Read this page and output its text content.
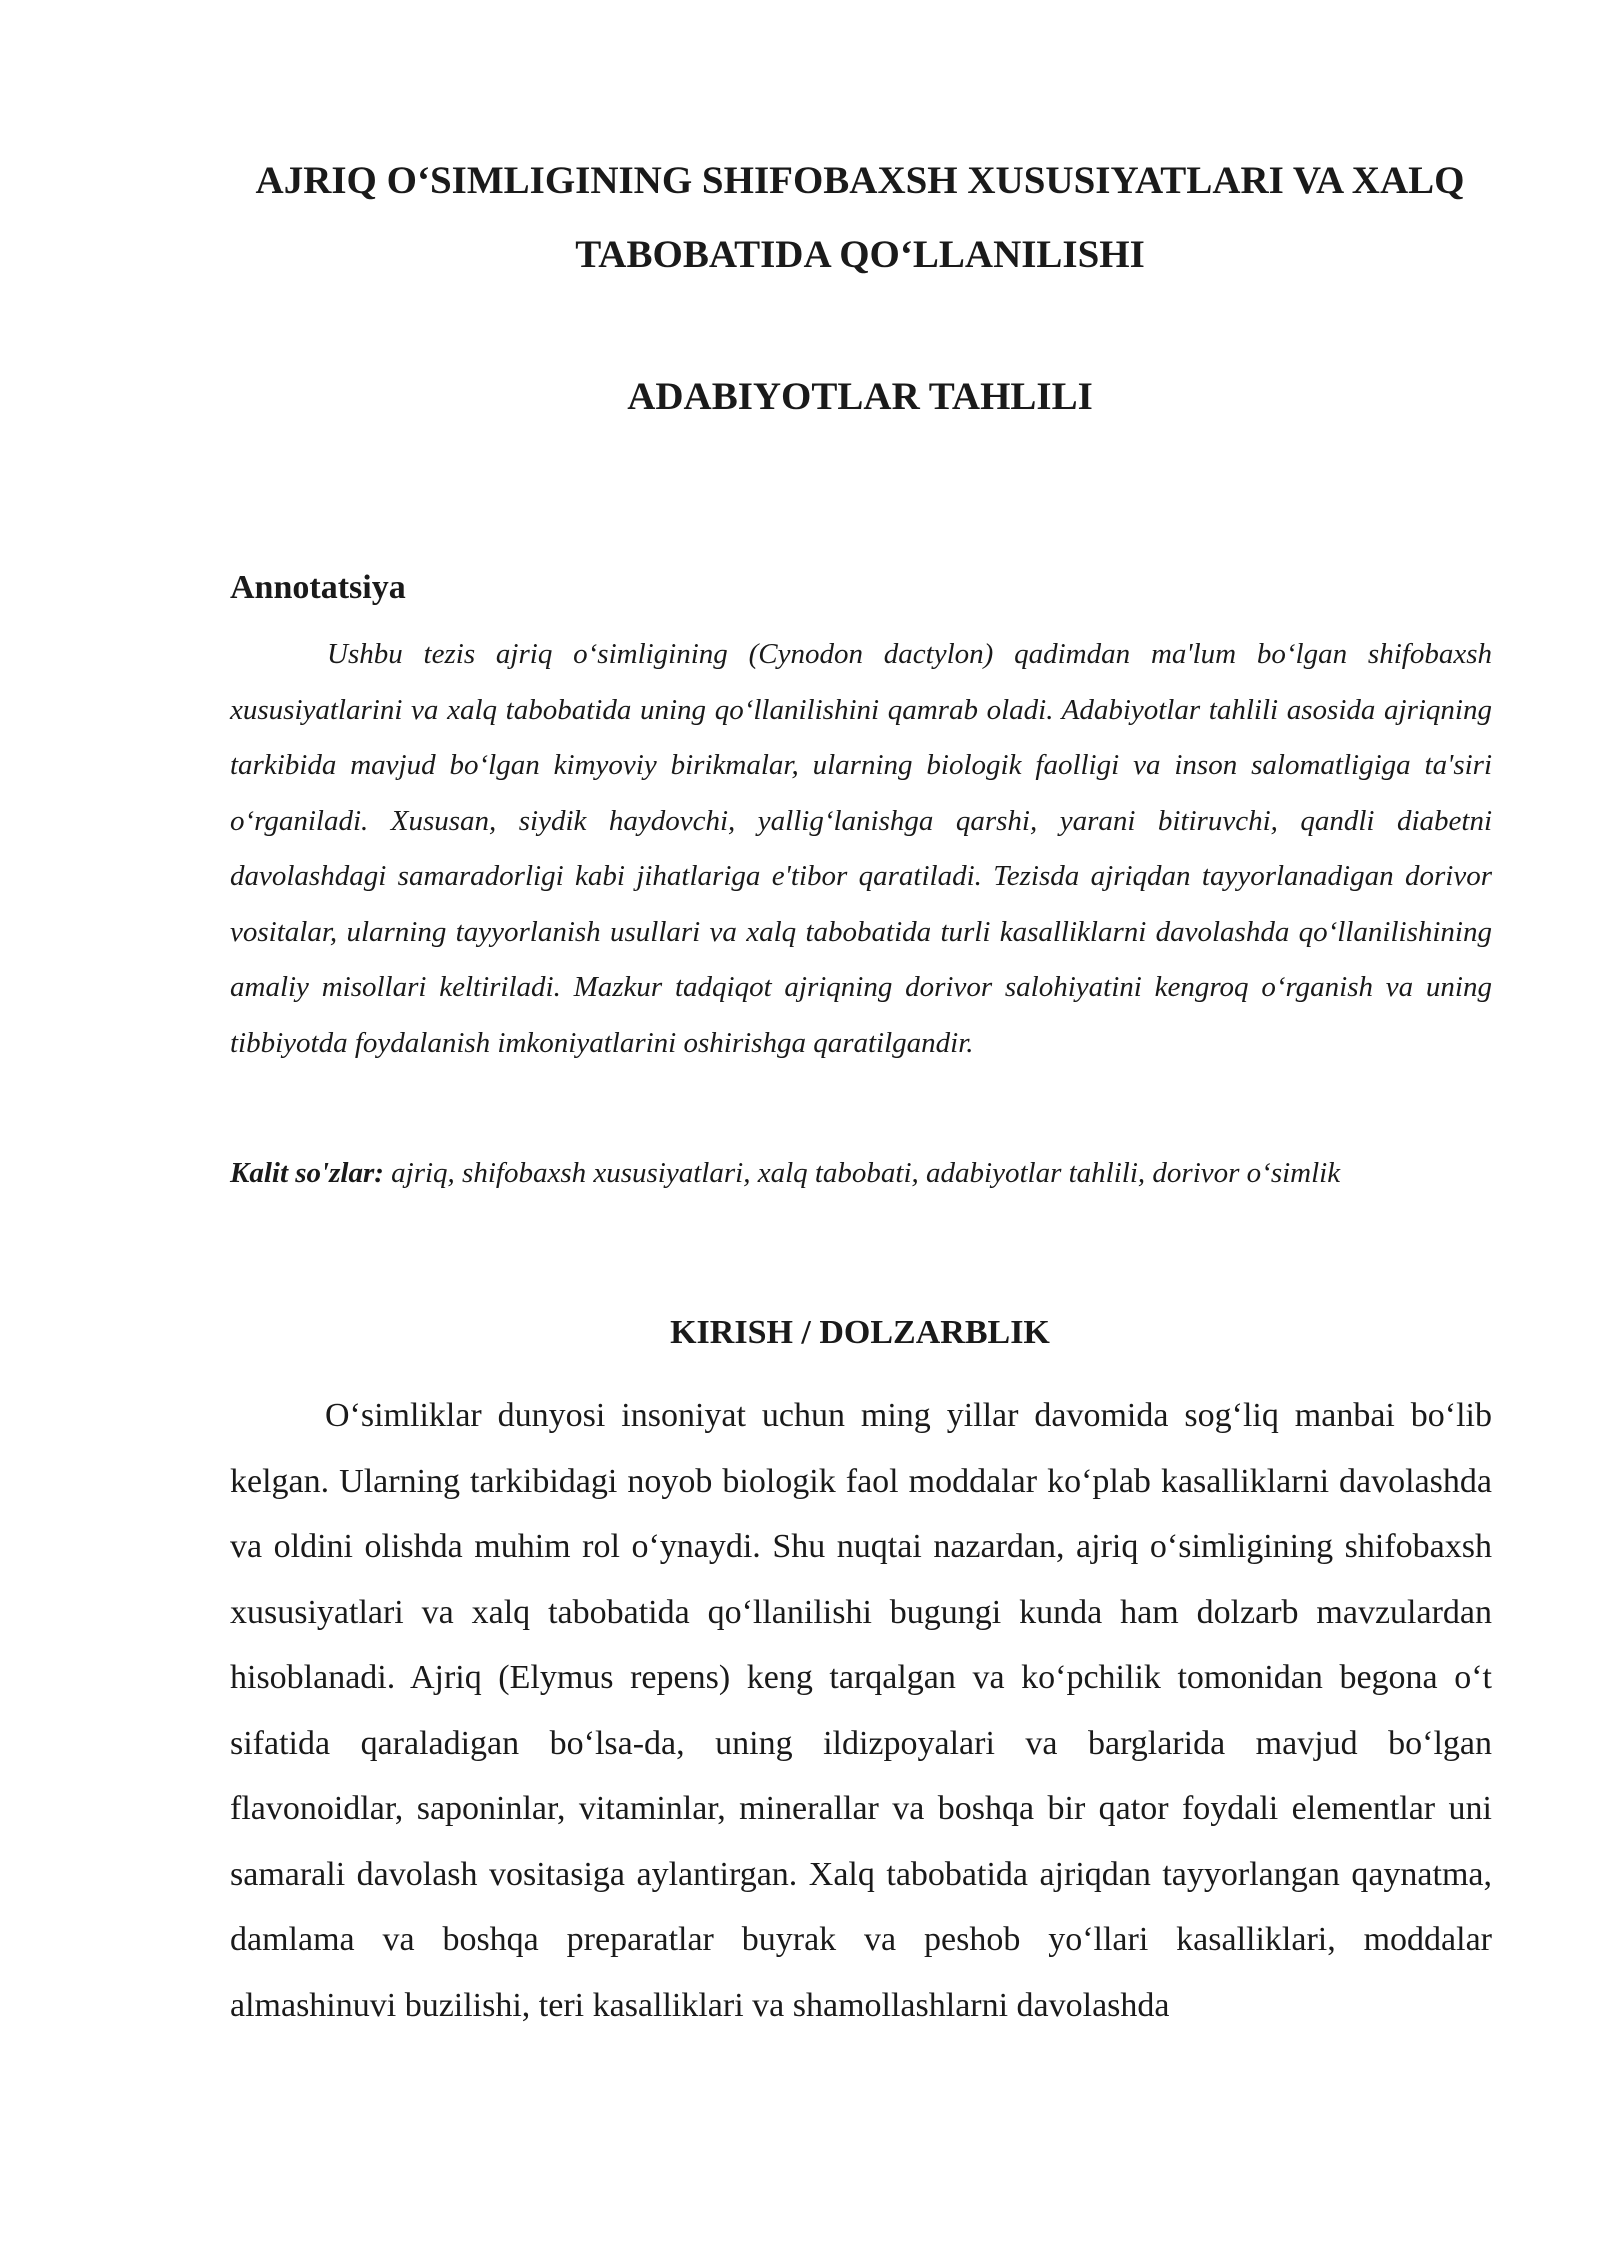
AJRIQ O‘SIMLIGINING SHIFOBAXSH XUSUSIYATLARI VA XALQ TABOBATIDA QO‘LLANILISHI
ADABIYOTLAR TAHLILI
Annotatsiya

Ushbu tezis ajriq o‘simligining (Cynodon dactylon) qadimdan ma'lum bo‘lgan shifobaxsh xususiyatlarini va xalq tabobatida uning qo‘llanilishini qamrab oladi. Adabiyotlar tahlili asosida ajriqning tarkibida mavjud bo‘lgan kimyoviy birikmalar, ularning biologik faolligi va inson salomatligiga ta'siri o‘rganiladi. Xususan, siydik haydovchi, yallig‘lanishga qarshi, yarani bitiruvchi, qandli diabetni davolashdagi samaradorligi kabi jihatlariga e'tibor qaratiladi. Tezisda ajriqdan tayyorlanadigan dorivor vositalar, ularning tayyorlanish usullari va xalq tabobatida turli kasalliklarni davolashda qo‘llanilishining amaliy misollari keltiriladi. Mazkur tadqiqot ajriqning dorivor salohiyatini kengroq o‘rganish va uning tibbiyotda foydalanish imkoniyatlarini oshirishga qaratilgandir.

Kalit so'zlar: ajriq, shifobaxsh xususiyatlari, xalq tabobati, adabiyotlar tahlili, dorivor o‘simlik

KIRISH / DOLZARBLIK

O‘simliklar dunyosi insoniyat uchun ming yillar davomida sog‘liq manbai bo‘lib kelgan. Ularning tarkibidagi noyob biologik faol moddalar ko‘plab kasalliklarni davolashda va oldini olishda muhim rol o‘ynaydi. Shu nuqtai nazardan, ajriq o‘simligining shifobaxsh xususiyatlari va xalq tabobatida qo‘llanilishi bugungi kunda ham dolzarb mavzulardan hisoblanadi. Ajriq (Elymus repens) keng tarqalgan va ko‘pchilik tomonidan begona o‘t sifatida qaraladigan bo‘lsa-da, uning ildizpoyalari va barglarida mavjud bo‘lgan flavonoidlar, saponinlar, vitaminlar, minerallar va boshqa bir qator foydali elementlar uni samarali davolash vositasiga aylantirgan. Xalq tabobatida ajriqdan tayyorlangan qaynatma, damlama va boshqa preparatlar buyrak va peshob yo‘llari kasalliklari, moddalar almashinuvi buzilishi, teri kasalliklari va shamollashlarni davolashda
